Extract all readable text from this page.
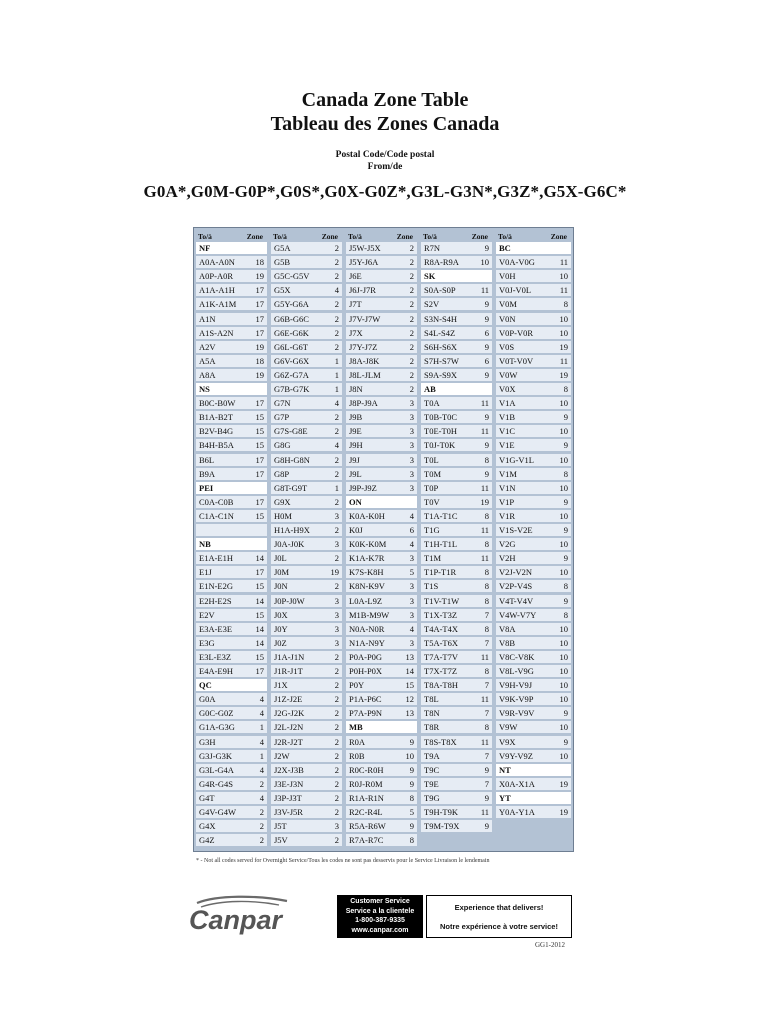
Canada Zone Table
Tableau des Zones Canada
Postal Code/Code postal
From/de
G0A*,G0M-G0P*,G0S*,G0X-G0Z*,G3L-G3N*,G3Z*,G5X-G6C*
To/à	Zone
NF
A0A-A0N 18
A0P-A0R	19
A1A-A1H 17
A1K-A1M 17
A1N	17
A1S-A2N	17
A2V	19
A5A	18
A8A	19
NS
B0C-B0W 17
B1A-B2T	15
B2V-B4G	15
B4H-B5A	15
B6L	17
B9A	17
PEI
C0A-C0B	17
C1A-C1N	15
NB
E1A-E1H	14
E1J	17
E1N-E2G	15
E2H-E2S	14
E2V	15
E3A-E3E	14
E3G	14
E3L-E3Z	15
E4A-E9H	17
QC
G0A	4
G0C-G0Z	4
G1A-G3G	1
G3H	4
G3J-G3K	1
G3L-G4A	4
G4R-G4S	2
G4T	4
G4V-G4W	2
G4X	2
G4Z	2
To/à	Zone
G5A	2
G5B	2
G5C-G5V	2
G5X	4
G5Y-G6A	2
G6B-G6C	2
G6E-G6K	2
G6L-G6T	2
G6V-G6X	1
G6Z-G7A	1
G7B-G7K	1
G7N	4
G7P	2
G7S-G8E	2
G8G	4
G8H-G8N	2
G8P	2
G8T-G9T	1
G9X	2
H0M	3
H1A-H9X	2
J0A-J0K	3
J0L	2
J0M	19
J0N	2
J0P-J0W	3
J0X	3
J0Y	3
J0Z	3
J1A-J1N	2
J1R-J1T	2
J1X	2
J1Z-J2E	2
J2G-J2K	2
J2L-J2N	2
J2R-J2T	2
J2W	2
J2X-J3B	2
J3E-J3N	2
J3P-J3T	2
J3V-J5R	2
J5T	3
J5V	2
To/à	Zone
J5W-J5X	2
J5Y-J6A	2
J6E	2
J6J-J7R	2
J7T	2
J7V-J7W	2
J7X	2
J7Y-J7Z	2
J8A-J8K	2
J8L-JLM	2
J8N	2
J8P-J9A	3
J9B	3
J9E	3
J9H	3
J9J	3
J9L	3
J9P-J9Z	3
ON
K0A-K0H	4
K0J	6
K0K-K0M	4
K1A-K7R	3
K7S-K8H	5
K8N-K9V	3
L0A-L9Z	3
M1B-M9W 3
N0A-N0R	4
N1A-N9Y	3
P0A-P0G	13
P0H-P0X	14
P0Y	15
P1A-P6C	12
P7A-P9N	13
MB
R0A	9
R0B	10
R0C-R0H	9
R0J-R0M	9
R1A-R1N	8
R2C-R4L	5
R5A-R6W	9
R7A-R7C	8
To/à	Zone
R7N	9
R8A-R9A	10
SK
S0A-S0P	11
S2V	9
S3N-S4H	9
S4L-S4Z	6
S6H-S6X	9
S7H-S7W	6
S9A-S9X	9
AB
T0A	11
T0B-T0C	9
T0E-T0H	11
T0J-T0K	9
T0L	8
T0M	9
T0P	11
T0V	19
T1A-T1C	8
T1G	11
T1H-T1L	8
T1M	11
T1P-T1R	8
T1S	8
T1V-T1W	8
T1X-T3Z	7
T4A-T4X	8
T5A-T6X	7
T7A-T7V	11
T7X-T7Z	8
T8A-T8H	7
T8L	11
T8N	7
T8R	8
T8S-T8X	11
T9A	7
T9C	9
T9E	7
T9G	9
T9H-T9K	11
T9M-T9X	9
To/à	Zone
BC
V0A-V0G	11
V0H	10
V0J-V0L	11
V0M	8
V0N	10
V0P-V0R	10
V0S	19
V0T-V0V	11
V0W	19
V0X	8
V1A	10
V1B	9
V1C	10
V1E	9
V1G-V1L	10
V1M	8
V1N	10
V1P	9
V1R	10
V1S-V2E	9
V2G	10
V2H	9
V2J-V2N	10
V2P-V4S	8
V4T-V4V	9
V4W-V7Y	8
V8A	10
V8B	10
V8C-V8K	10
V8L-V9G	10
V9H-V9J	10
V9K-V9P	10
V9R-V9V	9
V9W	10
V9X	9
V9Y-V9Z	10
NT
X0A-X1A	19
YT
Y0A-Y1A	19
* - Not all codes served for Overnight Service/Tous les codes ne sont pas desservis pour le Service Livraison le lendemain
Canpar
Customer Service
Service a la clientele
1-800-387-9335
www.canpar.com
Experience that delivers!
Notre expérience à votre service!
GG1-2012
